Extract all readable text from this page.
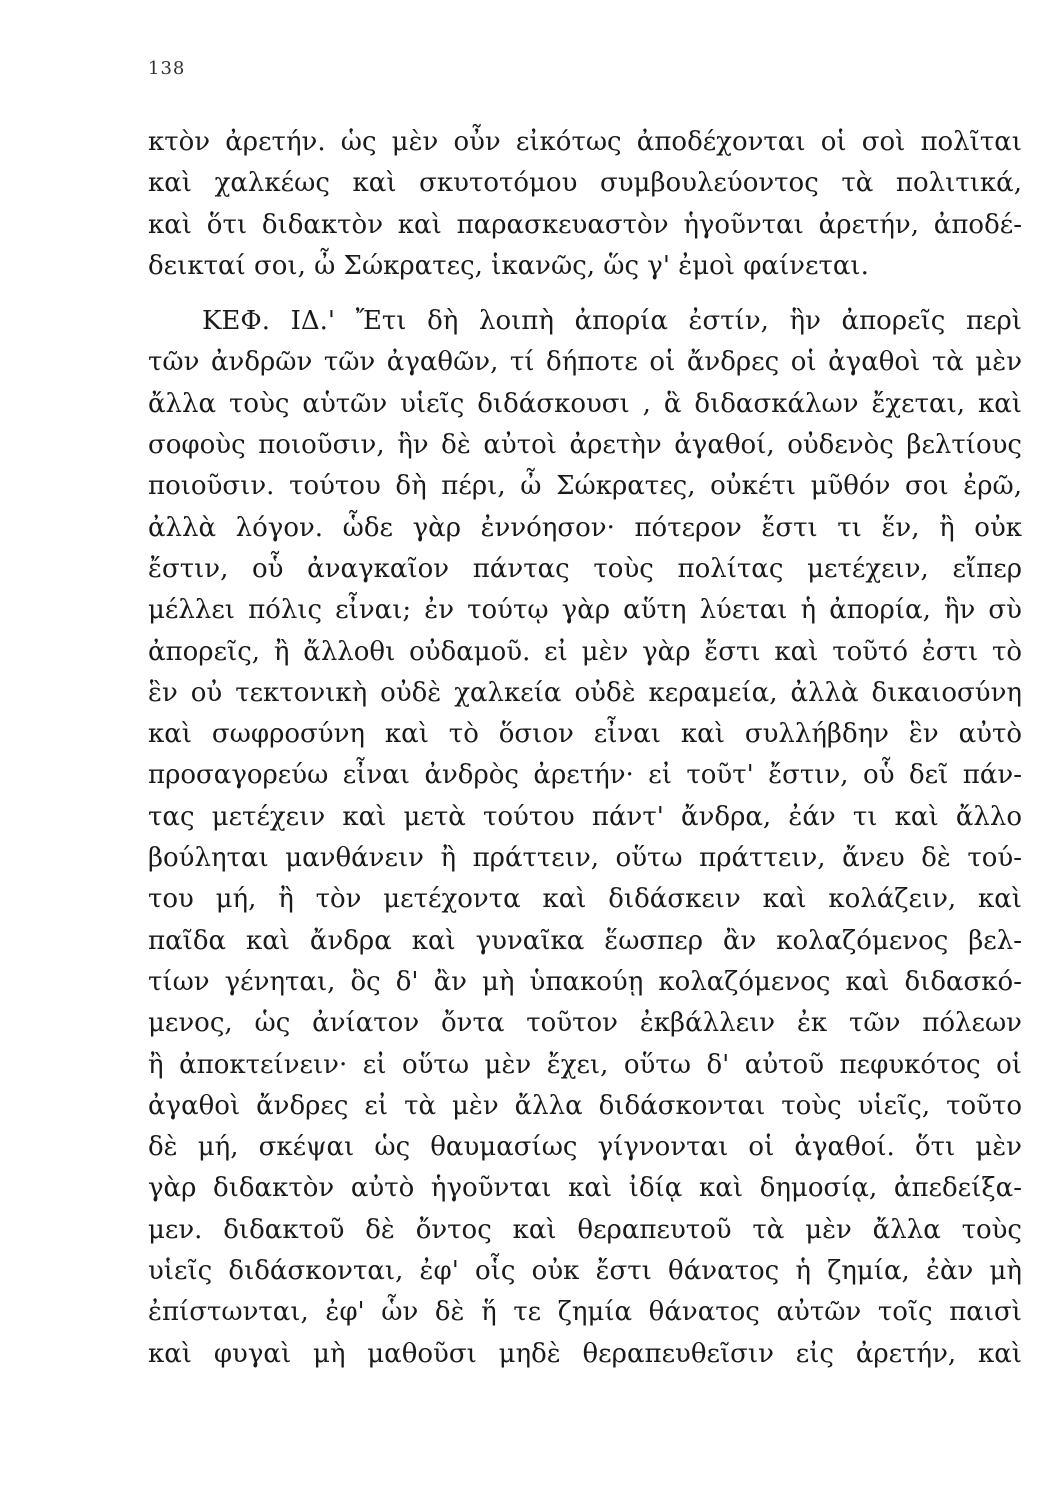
138
κτὸν ἀρετήν. ὡς μὲν οὖν εἰκότως ἀποδέχονται οἱ σοὶ πολῖται
καὶ χαλκέως καὶ σκυτοτόμου συμβουλεύοντος τὰ πολιτικά,
καὶ ὅτι διδακτὸν καὶ παρασκευαστὸν ἡγοῦνται ἀρετήν, ἀποδέ-
δεικταί σοι, ὦ Σώκρατες, ἱκανῶς, ὥς γ' ἐμοὶ φαίνεται.
ΚΕΦ. ΙΔ.' Ἔτι δὴ λοιπὴ ἀπορία ἐστίν, ἣν ἀπορεῖς περὶ
τῶν ἀνδρῶν τῶν ἀγαθῶν, τί δήποτε οἱ ἄνδρες οἱ ἀγαθοὶ τὰ μὲν
ἄλλα τοὺς αὑτῶν υἱεῖς διδάσκουσι , ἃ διδασκάλων ἔχεται, καὶ
σοφοὺς ποιοῦσιν, ἣν δὲ αὐτοὶ ἀρετὴν ἀγαθοί, οὐδενὸς βελτίους
ποιοῦσιν. τούτου δὴ πέρι, ὦ Σώκρατες, οὐκέτι μῦθόν σοι ἐρῶ,
ἀλλὰ λόγον. ὧδε γὰρ ἐννόησον· πότερον ἔστι τι ἕν, ἢ οὐκ
ἔστιν, οὗ ἀναγκαῖον πάντας τοὺς πολίτας μετέχειν, εἴπερ
μέλλει πόλις εἶναι; ἐν τούτῳ γὰρ αὕτη λύεται ἡ ἀπορία, ἣν σὺ
ἀπορεῖς, ἢ ἄλλοθι οὐδαμοῦ. εἰ μὲν γὰρ ἔστι καὶ τοῦτό ἐστι τὸ
ἓν οὐ τεκτονικὴ οὐδὲ χαλκεία οὐδὲ κεραμεία, ἀλλὰ δικαιοσύνη
καὶ σωφροσύνη καὶ τὸ ὅσιον εἶναι καὶ συλλήβδην ἓν αὐτὸ
προσαγορεύω εἶναι ἀνδρὸς ἀρετήν· εἰ τοῦτ' ἔστιν, οὗ δεῖ πάν-
τας μετέχειν καὶ μετὰ τούτου πάντ' ἄνδρα, ἐάν τι καὶ ἄλλο
βούληται μανθάνειν ἢ πράττειν, οὕτω πράττειν, ἄνευ δὲ τού-
του μή, ἢ τὸν μετέχοντα καὶ διδάσκειν καὶ κολάζειν, καὶ
παῖδα καὶ ἄνδρα καὶ γυναῖκα ἕωσπερ ἂν κολαζόμενος βελ-
τίων γένηται, ὃς δ' ἂν μὴ ὑπακούῃ κολαζόμενος καὶ διδασκό-
μενος, ὡς ἀνίατον ὄντα τοῦτον ἐκβάλλειν ἐκ τῶν πόλεων
ἢ ἀποκτείνειν· εἰ οὕτω μὲν ἔχει, οὕτω δ' αὐτοῦ πεφυκότος οἱ
ἀγαθοὶ ἄνδρες εἰ τὰ μὲν ἄλλα διδάσκονται τοὺς υἱεῖς, τοῦτο
δὲ μή, σκέψαι ὡς θαυμασίως γίγνονται οἱ ἀγαθοί. ὅτι μὲν
γὰρ διδακτὸν αὐτὸ ἡγοῦνται καὶ ἰδίᾳ καὶ δημοσίᾳ, ἀπεδείξα-
μεν. διδακτοῦ δὲ ὄντος καὶ θεραπευτοῦ τὰ μὲν ἄλλα τοὺς
υἱεῖς διδάσκονται, ἐφ' οἷς οὐκ ἔστι θάνατος ἡ ζημία, ἐὰν μὴ
ἐπίστωνται, ἐφ' ὧν δὲ ἥ τε ζημία θάνατος αὐτῶν τοῖς παισὶ
καὶ φυγαὶ μὴ μαθοῦσι μηδὲ θεραπευθεῖσιν εἰς ἀρετήν, καὶ
